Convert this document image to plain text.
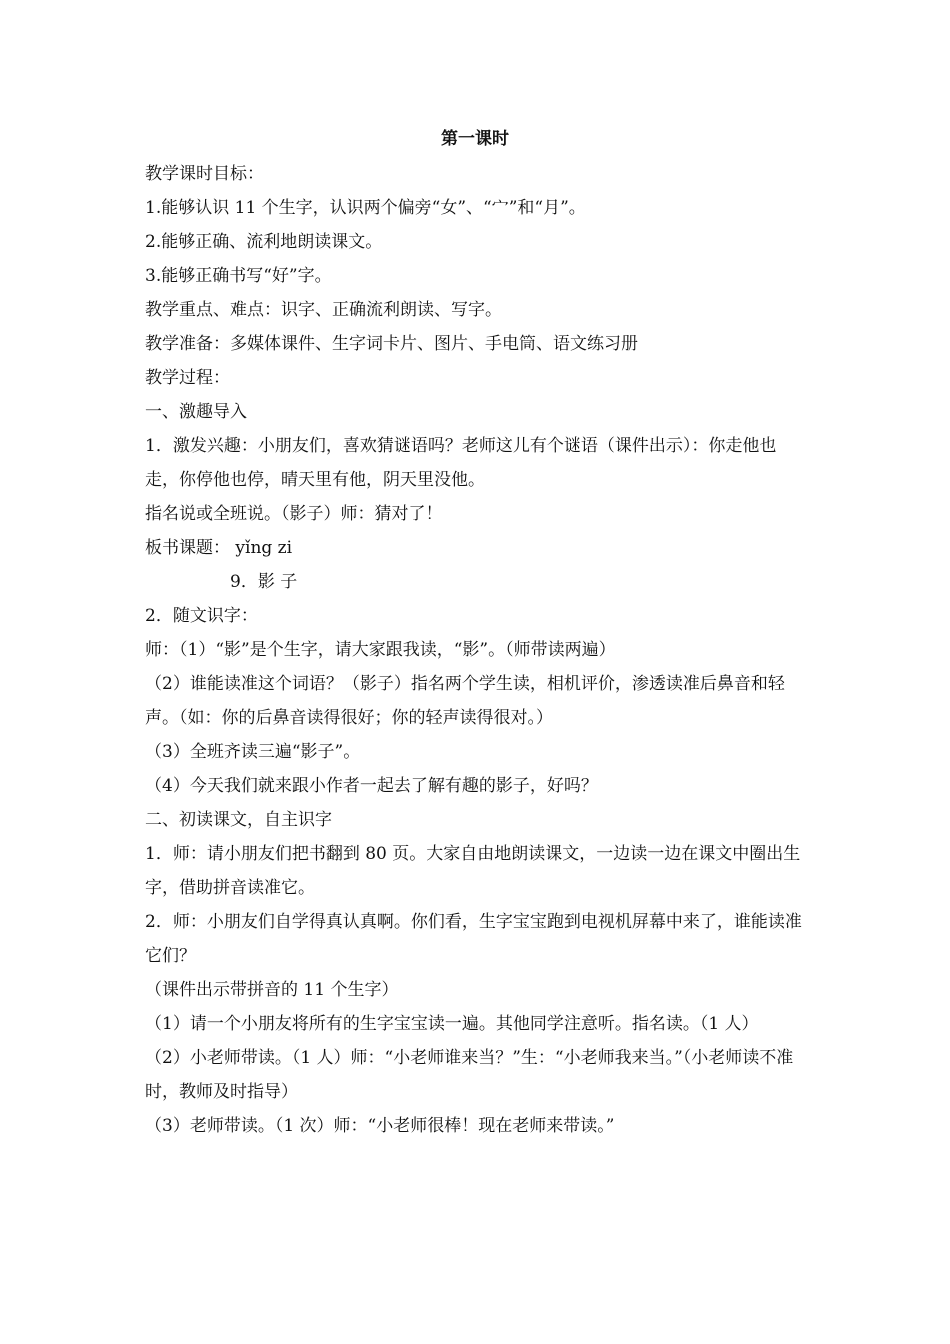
第一课时

教学课时目标：

1.能够认识 11 个生字，认识两个偏旁“女”、“宀”和“月”。

2.能够正确、流利地朗读课文。

3.能够正确书写“好”字。

教学重点、难点：识字、正确流利朗读、写字。

教学准备：多媒体课件、生字词卡片、图片、手电筒、语文练习册

教学过程：

一、激趣导入

1．激发兴趣：小朋友们，喜欢猜谜语吗？老师这儿有个谜语（课件出示）：你走他也走，你停他也停，晴天里有他，阴天里没他。

指名说或全班说。（影子）师：猜对了！

板书课题： yǐng zi

9．影 子

2．随文识字：

师：（1）“影”是个生字，请大家跟我读，“影”。（师带读两遍）

（2）谁能读准这个词语？（影子）指名两个学生读，相机评价，渗透读准后鼻音和轻声。（如：你的后鼻音读得很好；你的轻声读得很对。）

（3）全班齐读三遍“影子”。

（4）今天我们就来跟小作者一起去了解有趣的影子，好吗？

二、初读课文，自主识字

1．师：请小朋友们把书翻到 80 页。大家自由地朗读课文，一边读一边在课文中圈出生字，借助拼音读准它。

2．师：小朋友们自学得真认真啊。你们看，生字宝宝跑到电视机屏幕中来了，谁能读准它们？

（课件出示带拼音的 11 个生字）

（1）请一个小朋友将所有的生字宝宝读一遍。其他同学注意听。指名读。（1 人）

（2）小老师带读。（1 人）师：“小老师谁来当？”生：“小老师我来当。”（小老师读不准时，教师及时指导）

（3）老师带读。（1 次）师：“小老师很棒！现在老师来带读。”
